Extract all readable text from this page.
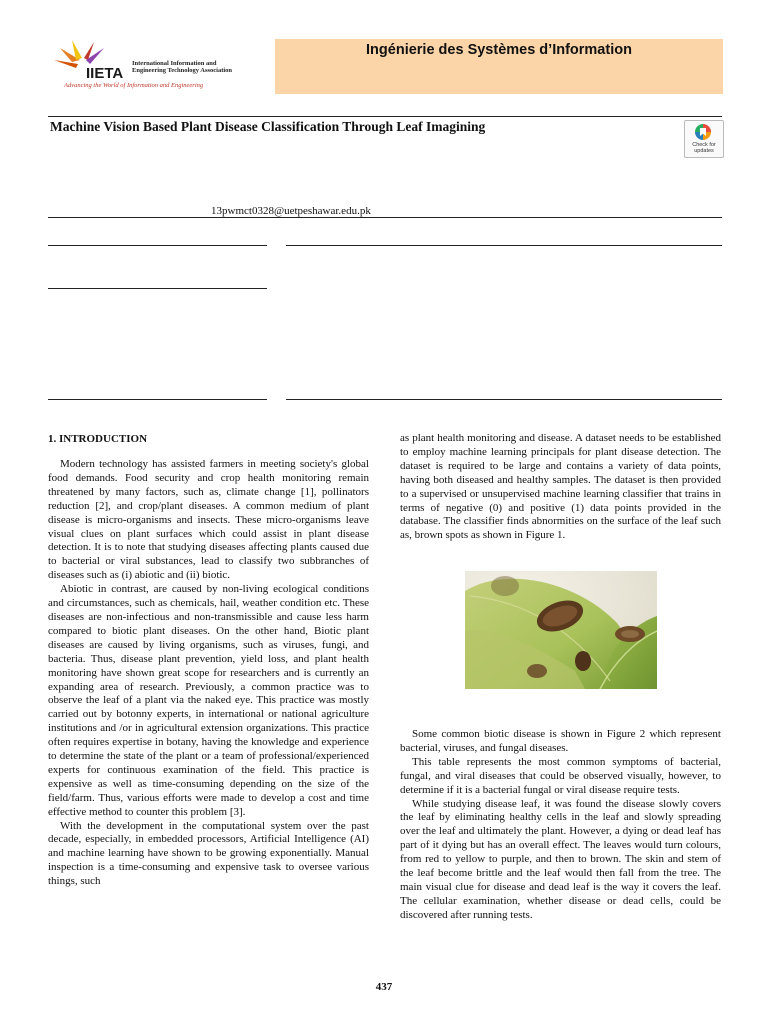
IIETA
International Information and Engineering Technology Association
Advancing the World of Information and Engineering
Ingénierie des Systèmes d’Information
Machine Vision Based Plant Disease Classification Through Leaf Imagining
Check for updates
13pwmct0328@uetpeshawar.edu.pk
1. INTRODUCTION

Modern technology has assisted farmers in meeting society's global food demands. Food security and crop health monitoring remain threatened by many factors, such as, climate change [1], pollinators reduction [2], and crop/plant diseases. A common medium of plant disease is micro-organisms and insects. These micro-organisms leave visual clues on plant surfaces which could assist in plant disease detection. It is to note that studying diseases affecting plants caused due to bacterial or viral substances, lead to classify two subbranches of diseases such as (i) abiotic and (ii) biotic.

Abiotic in contrast, are caused by non-living ecological conditions and circumstances, such as chemicals, hail, weather condition etc. These diseases are non-infectious and non-transmissible and cause less harm compared to biotic plant diseases. On the other hand, Biotic plant diseases are caused by living organisms, such as viruses, fungi, and bacteria. Thus, disease plant prevention, yield loss, and plant health monitoring have shown great scope for researchers and is currently an expanding area of research. Previously, a common practice was to observe the leaf of a plant via the naked eye. This practice was mostly carried out by botonny experts, in international or national agriculture institutions and /or in agricultural extension organizations. This practice often requires expertise in botany, having the knowledge and experience to determine the state of the plant or a team of professional/experienced experts for continuous examination of the field. This practice is expensive as well as time-consuming depending on the size of the field/farm. Thus, various efforts were made to develop a cost and time effective method to counter this problem [3].

With the development in the computational system over the past decade, especially, in embedded processors, Artificial Intelligence (AI) and machine learning have shown to be growing exponentially. Manual inspection is a time-consuming and expensive task to oversee various things, such

as plant health monitoring and disease. A dataset needs to be established to employ machine learning principals for plant disease detection. The dataset is required to be large and contains a variety of data points, having both diseased and healthy samples. The dataset is then provided to a supervised or unsupervised machine learning classifier that trains in terms of negative (0) and positive (1) data points provided in the database. The classifier finds abnormities on the surface of the leaf such as, brown spots as shown in Figure 1.

Some common biotic disease is shown in Figure 2 which represent bacterial, viruses, and fungal diseases.

This table represents the most common symptoms of bacterial, fungal, and viral diseases that could be observed visually, however, to determine if it is a bacterial fungal or viral disease require tests.

While studying disease leaf, it was found the disease slowly covers the leaf by eliminating healthy cells in the leaf and slowly spreading over the leaf and ultimately the plant. However, a dying or dead leaf has part of it dying but has an overall effect. The leaves would turn colours, from red to yellow to purple, and then to brown. The skin and stem of the leaf become brittle and the leaf would then fall from the tree. The main visual clue for disease and dead leaf is the way it covers the leaf. The cellular examination, whether disease or dead cells, could be discovered after running tests.

437
